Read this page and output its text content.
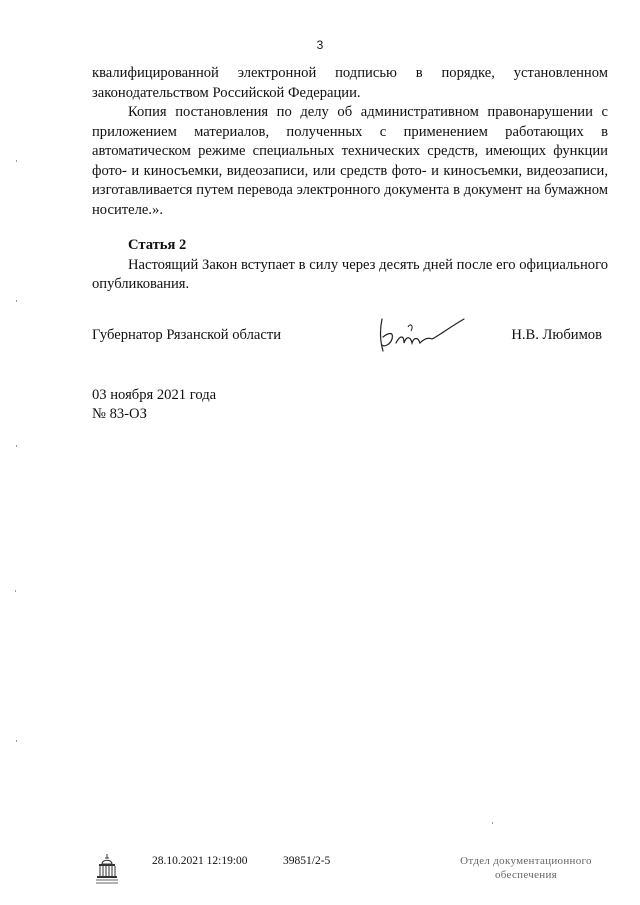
3

квалифицированной электронной подписью в порядке, установленном законодательством Российской Федерации.

Копия постановления по делу об административном правонарушении с приложением материалов, полученных с применением работающих в автоматическом режиме специальных технических средств, имеющих функции фото- и киносъемки, видеозаписи, или средств фото- и киносъемки, видеозаписи, изготавливается путем перевода электронного документа в документ на бумажном носителе.».

Статья 2

Настоящий Закон вступает в силу через десять дней после его официального опубликования.

Губернатор Рязанской области	Н.В. Любимов
03 ноября 2021 года
№ 83-ОЗ
28.10.2021 12:19:00	39851/2-5	Отдел документационного
обеспечения
